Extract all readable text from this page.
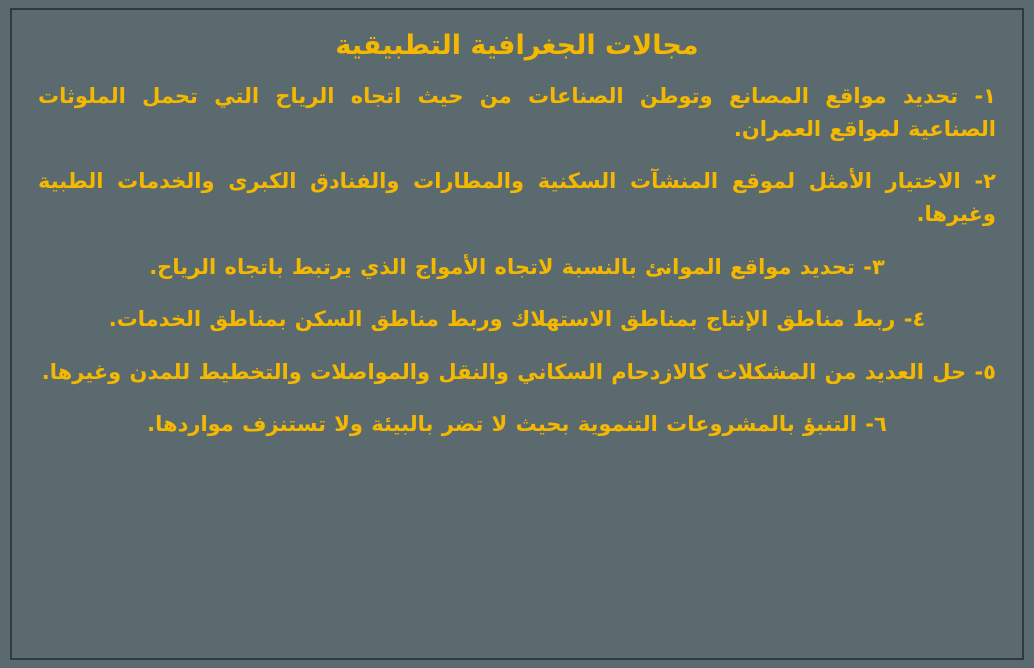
مجالات الجغرافية التطبيقية
١- تحديد مواقع المصانع وتوطن الصناعات من حيث اتجاه الرياح التي تحمل الملوثات الصناعية لمواقع العمران.
٢- الاختيار الأمثل لموقع المنشآت السكنية والمطارات والفنادق الكبرى والخدمات الطبية وغيرها.
٣- تحديد مواقع الموانئ بالنسبة لاتجاه الأمواج الذي يرتبط باتجاه الرياح.
٤- ربط مناطق الإنتاج بمناطق الاستهلاك وربط مناطق السكن بمناطق الخدمات.
٥- حل العديد من المشكلات كالازدحام السكاني والنقل والمواصلات والتخطيط للمدن وغيرها.
٦- التنبؤ بالمشروعات التنموية بحيث لا تضر بالبيئة ولا تستنزف مواردها.
